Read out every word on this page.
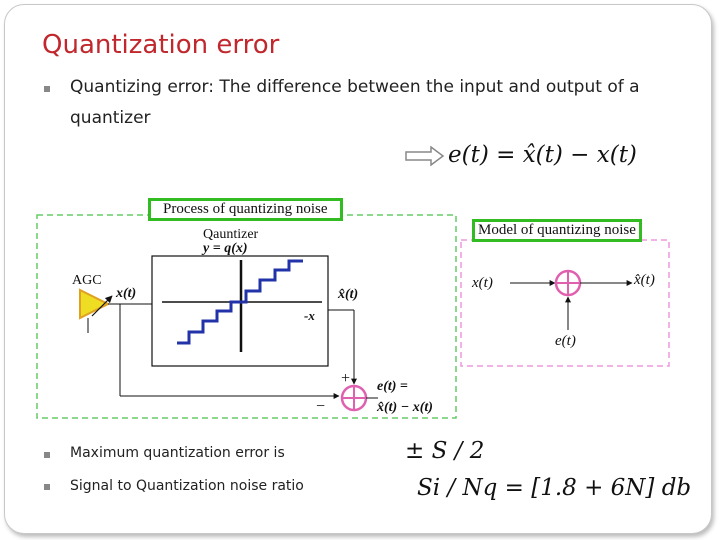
Quantization error
Quantizing error: The difference between the input and output of a
quantizer
e(t) = x̂(t) − x(t)
Process of quantizing noise
Model of quantizing noise
Qauntizer
y = q(x)
AGC
x(t)	x̂(t)
-x
+
−
e(t) =
x̂(t) − x(t)
x(t)	x̂(t)
e(t)
Maximum quantization error is	± S / 2
Signal to Quantization noise ratio	Si / Nq = [1.8 + 6N] db
